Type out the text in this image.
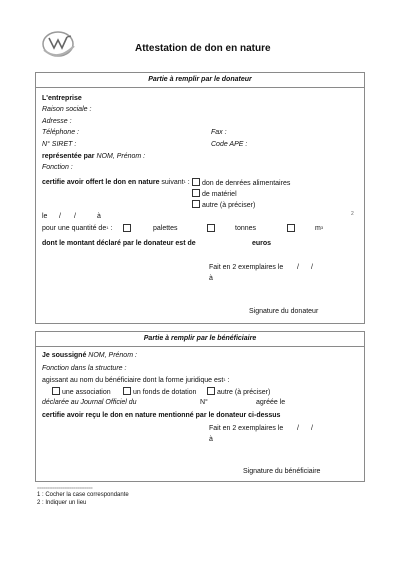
Attestation de don en nature
Partie à remplir par le donateur
L'entreprise
Raison sociale :
Adresse :
Téléphone :	Fax :
N° SIRET :	Code APE :
représentée par NOM, Prénom :
Fonction :
certifie avoir offert le don en nature suivant$^1$ :	don de denrées alimentaires
de matériel
autre (à préciser)
le / /	à	2
pour une quantité $de^1$ :	palettes	tonnes	$m^3$
dont le montant déclaré par le donateur est de	euros
Fait en 2 exemplaires le / /
à
Signature du donateur
Partie à remplir par le bénéficiaire
Je soussigné NOM, Prénom :
Fonction dans la structure :
agissant au nom du bénéficiaire dont la forme juridique est$^1$ :
une association	un fonds de dotation	autre (à préciser)
déclarée au Journal Officiel du	N°	agréée le
certifie avoir reçu le don en nature mentionné par le donateur ci-dessus
Fait en 2 exemplaires le / /
à
Signature du bénéficiaire
==========================
1 : Cocher la case correspondante
2 : Indiquer un lieu
